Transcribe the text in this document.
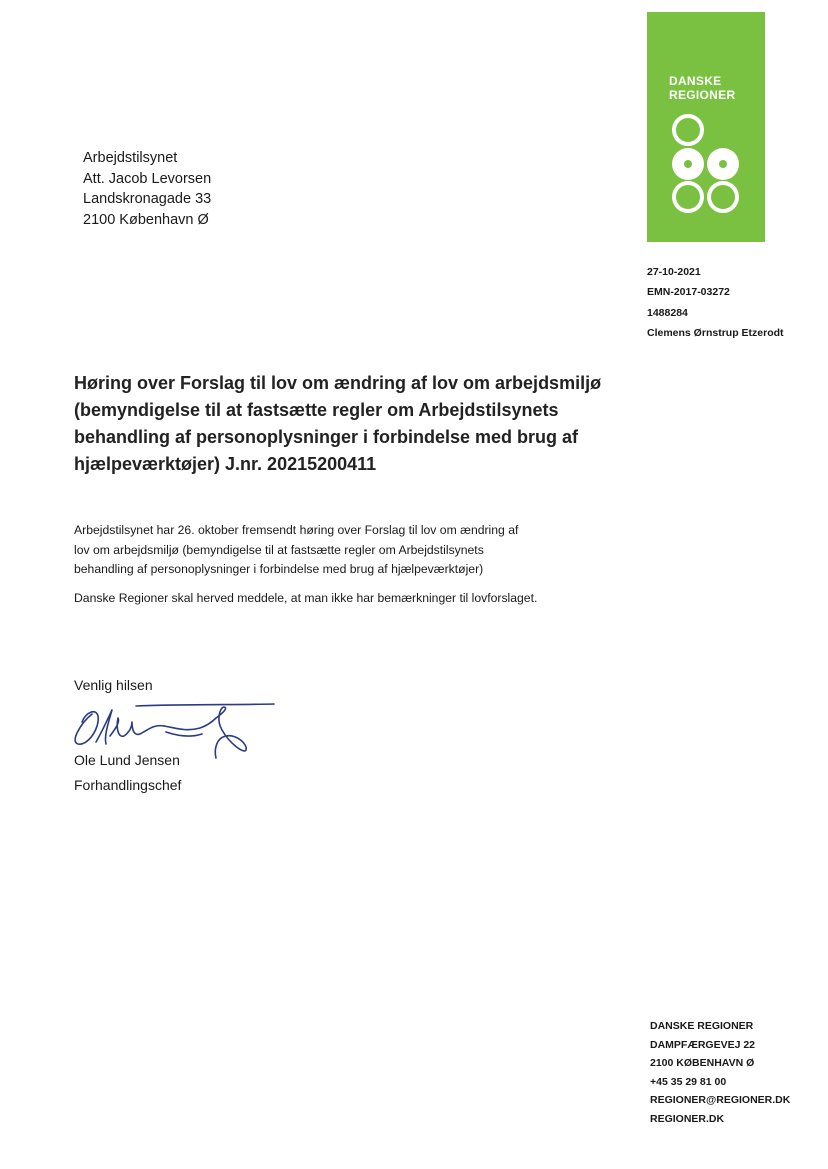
DANSKE
REGIONER
Arbejdstilsynet
Att. Jacob Levorsen
Landskronagade 33
2100 København Ø
27-10-2021
EMN-2017-03272
1488284
Clemens Ørnstrup Etzerodt
Høring over Forslag til lov om ændring af lov om arbejdsmiljø
(bemyndigelse til at fastsætte regler om Arbejdstilsynets
behandling af personoplysninger i forbindelse med brug af
hjælpeværktøjer) J.nr. 20215200411

Arbejdstilsynet har 26. oktober fremsendt høring over Forslag til lov om ændring af
lov om arbejdsmiljø (bemyndigelse til at fastsætte regler om Arbejdstilsynets
behandling af personoplysninger i forbindelse med brug af hjælpeværktøjer)

Danske Regioner skal herved meddele, at man ikke har bemærkninger til lovforslaget.

Venlig hilsen
Ole Lund Jensen
Forhandlingschef
DANSKE REGIONER
DAMPFÆRGEVEJ 22
2100 KØBENHAVN Ø
+45 35 29 81 00
REGIONER@REGIONER.DK
REGIONER.DK
